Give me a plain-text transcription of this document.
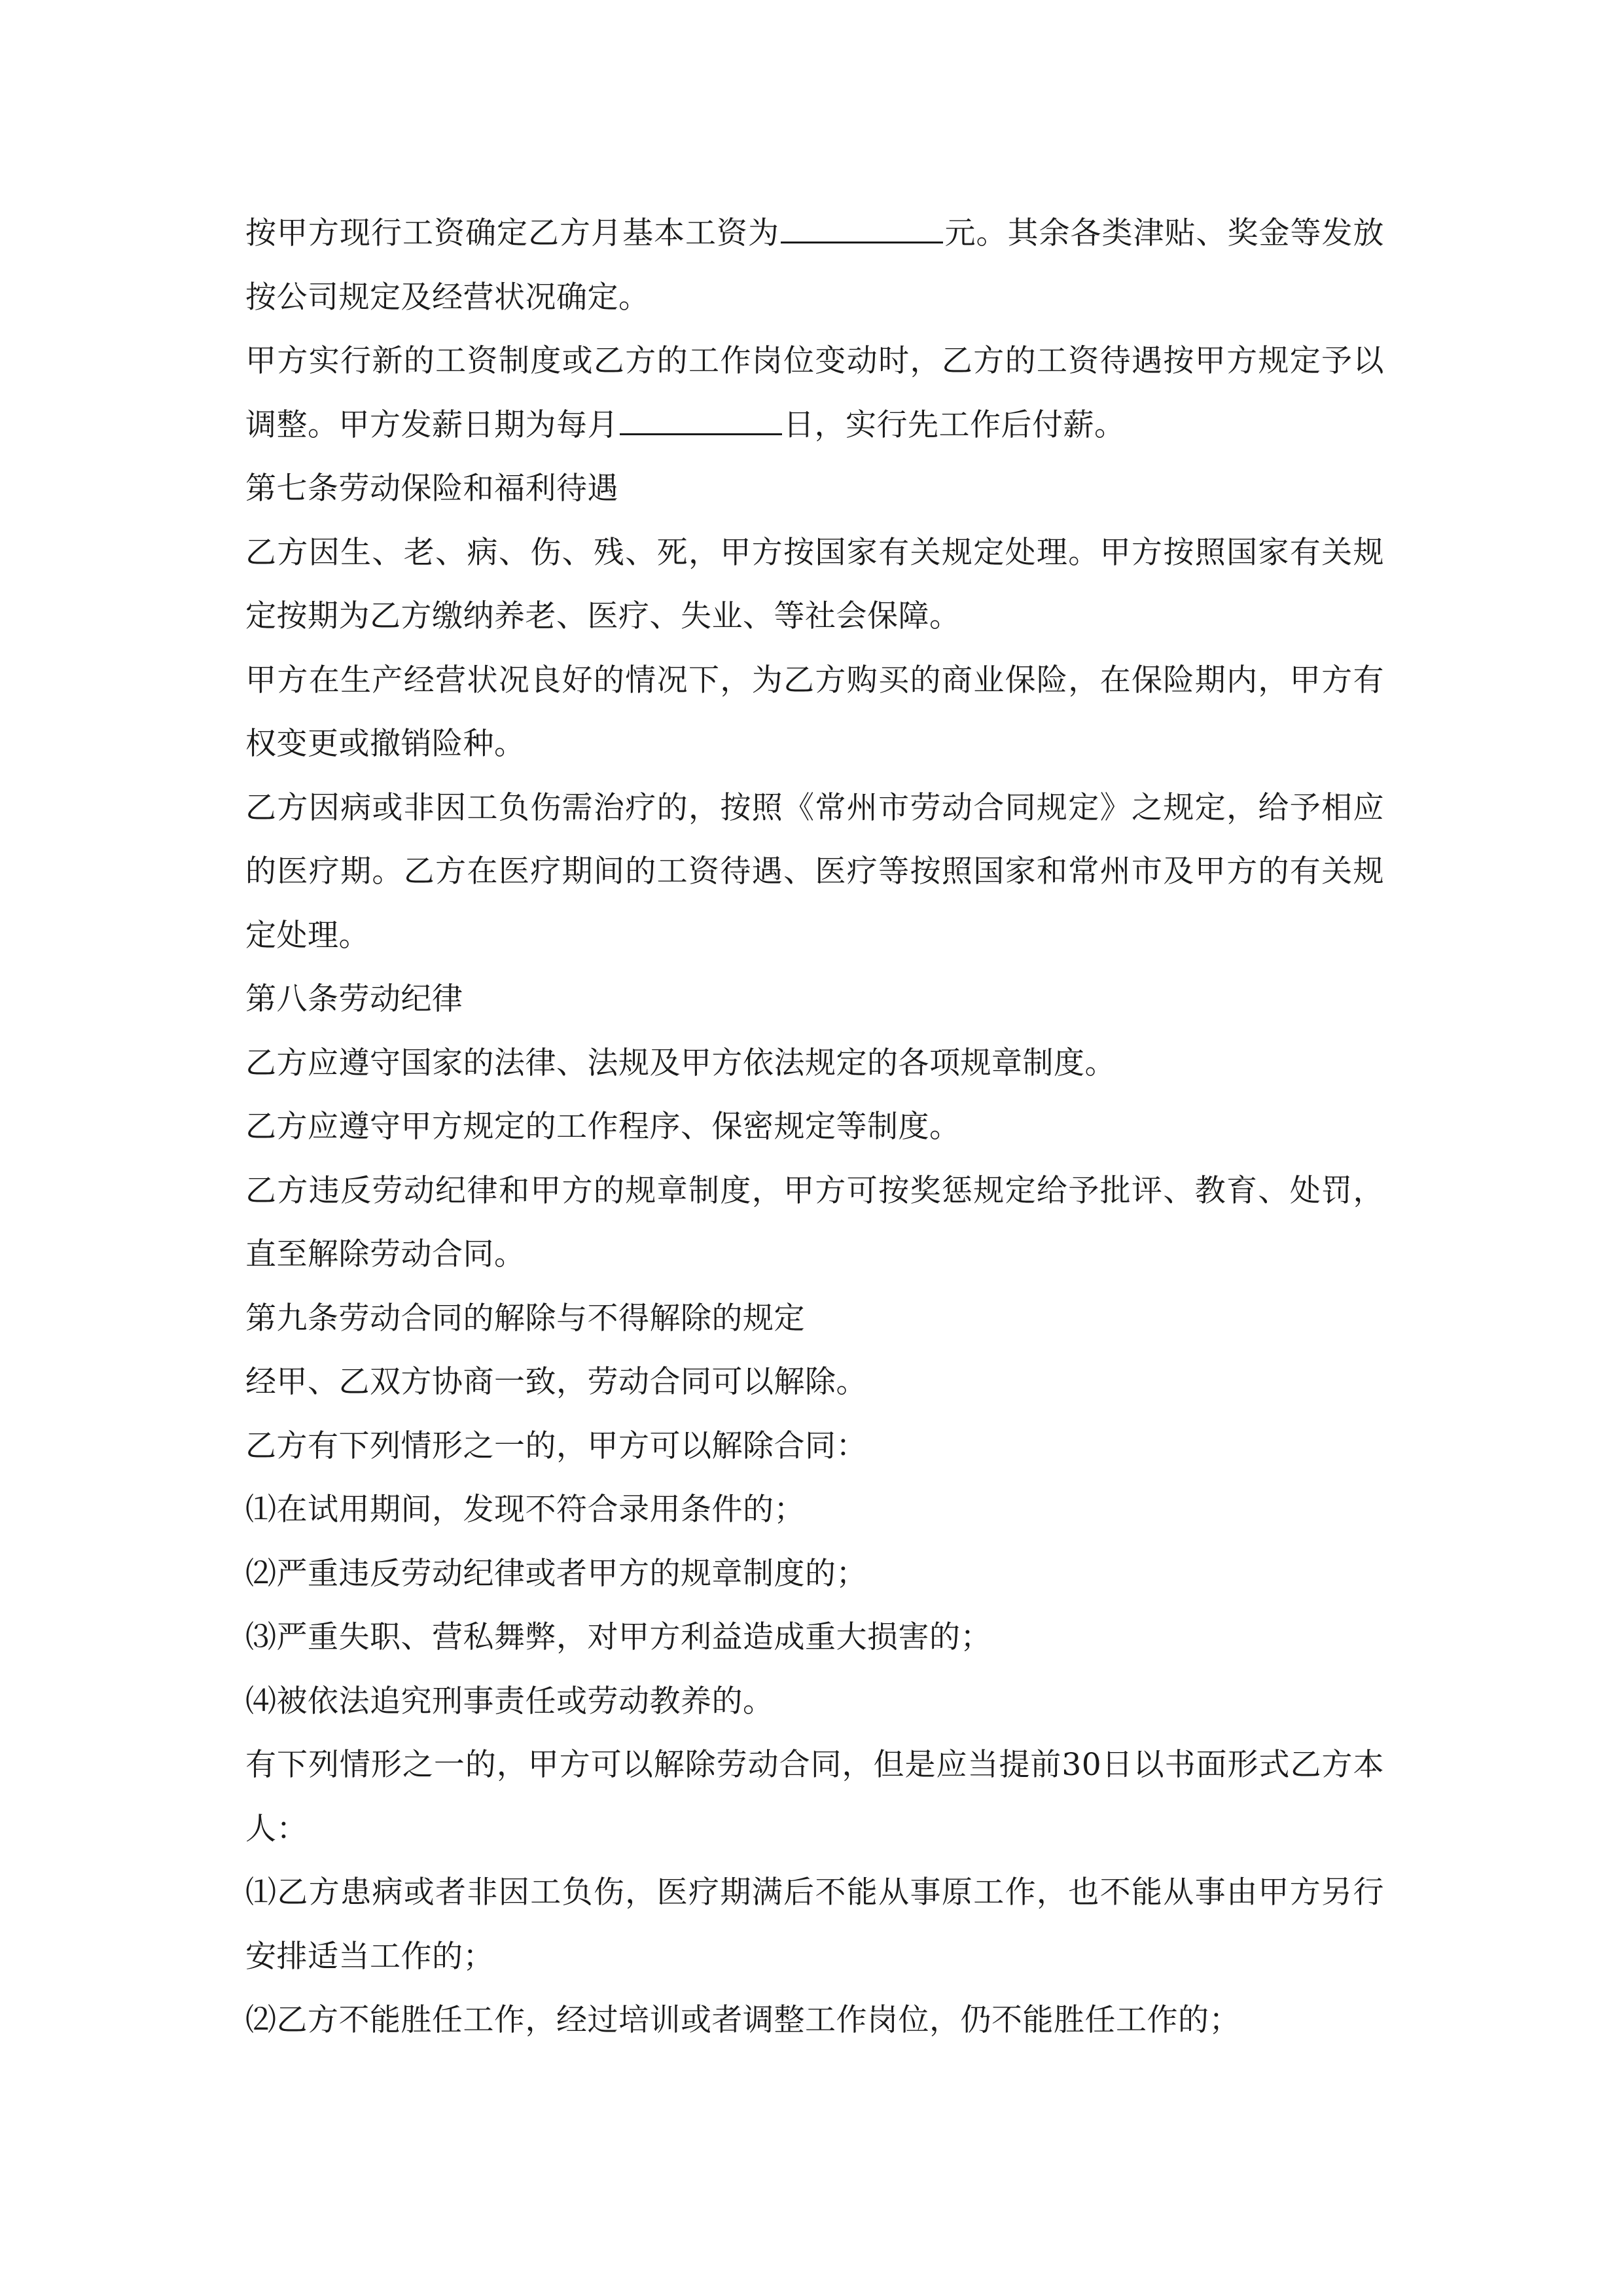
按甲方现行工资确定乙方月基本工资为	元。其余各类津贴、奖金等发放按公司规定及经营状况确定。

甲方实行新的工资制度或乙方的工作岗位变动时，乙方的工资待遇按甲方规定予以调整。甲方发薪日期为每月	日，实行先工作后付薪。

第七条劳动保险和福利待遇

乙方因生、老、病、伤、残、死，甲方按国家有关规定处理。甲方按照国家有关规定按期为乙方缴纳养老、医疗、失业、等社会保障。

甲方在生产经营状况良好的情况下，为乙方购买的商业保险，在保险期内，甲方有权变更或撤销险种。

乙方因病或非因工负伤需治疗的，按照《常州市劳动合同规定》之规定，给予相应的医疗期。乙方在医疗期间的工资待遇、医疗等按照国家和常州市及甲方的有关规定处理。

第八条劳动纪律

乙方应遵守国家的法律、法规及甲方依法规定的各项规章制度。

乙方应遵守甲方规定的工作程序、保密规定等制度。

乙方违反劳动纪律和甲方的规章制度，甲方可按奖惩规定给予批评、教育、处罚，直至解除劳动合同。

第九条劳动合同的解除与不得解除的规定

经甲、乙双方协商一致，劳动合同可以解除。

乙方有下列情形之一的，甲方可以解除合同：

⑴在试用期间，发现不符合录用条件的；

⑵严重违反劳动纪律或者甲方的规章制度的；

⑶严重失职、营私舞弊，对甲方利益造成重大损害的；

⑷被依法追究刑事责任或劳动教养的。

有下列情形之一的，甲方可以解除劳动合同，但是应当提前30日以书面形式乙方本人：

⑴乙方患病或者非因工负伤，医疗期满后不能从事原工作，也不能从事由甲方另行安排适当工作的；

⑵乙方不能胜任工作，经过培训或者调整工作岗位，仍不能胜任工作的；
